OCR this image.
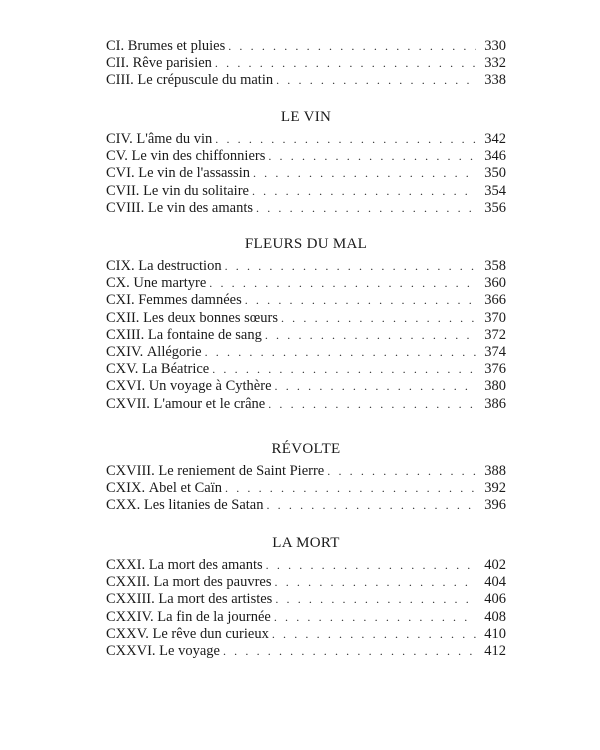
CI.
Brumes et pluies . . .	330
CII.
Rêve parisien . . .	332
CIII.
Le crépuscule du matin . . .	338
LE VIN
CIV.
L'âme du vin . . .	342
CV.
Le vin des chiffonniers . . .	346
CVI.
Le vin de l'assassin . . .	350
CVII.
Le vin du solitaire . . .	354
CVIII.
Le vin des amants . . .	356
FLEURS DU MAL
CIX.
La destruction . . .	358
CX.
Une martyre . . .	360
CXI.
Femmes damnées . . .	366
CXII.
Les deux bonnes sœurs . . .	370
CXIII.
La fontaine de sang . . .	372
CXIV.
Allégorie . . .	374
CXV.
La Béatrice . . .	376
CXVI.
Un voyage à Cythère . . .	380
CXVII.
L'amour et le crâne . . .	386
RÉVOLTE
CXVIII.
Le reniement de Saint Pierre . . .	388
CXIX.
Abel et Caïn . . .	392
CXX.
Les litanies de Satan . . .	396
LA MORT
CXXI.
La mort des amants . . .	402
CXXII.
La mort des pauvres . . .	404
CXXIII.
La mort des artistes . . .	406
CXXIV.
La fin de la journée . . .	408
CXXV.
Le rêve dun curieux . . .	410
CXXVI.
Le voyage . . .	412
